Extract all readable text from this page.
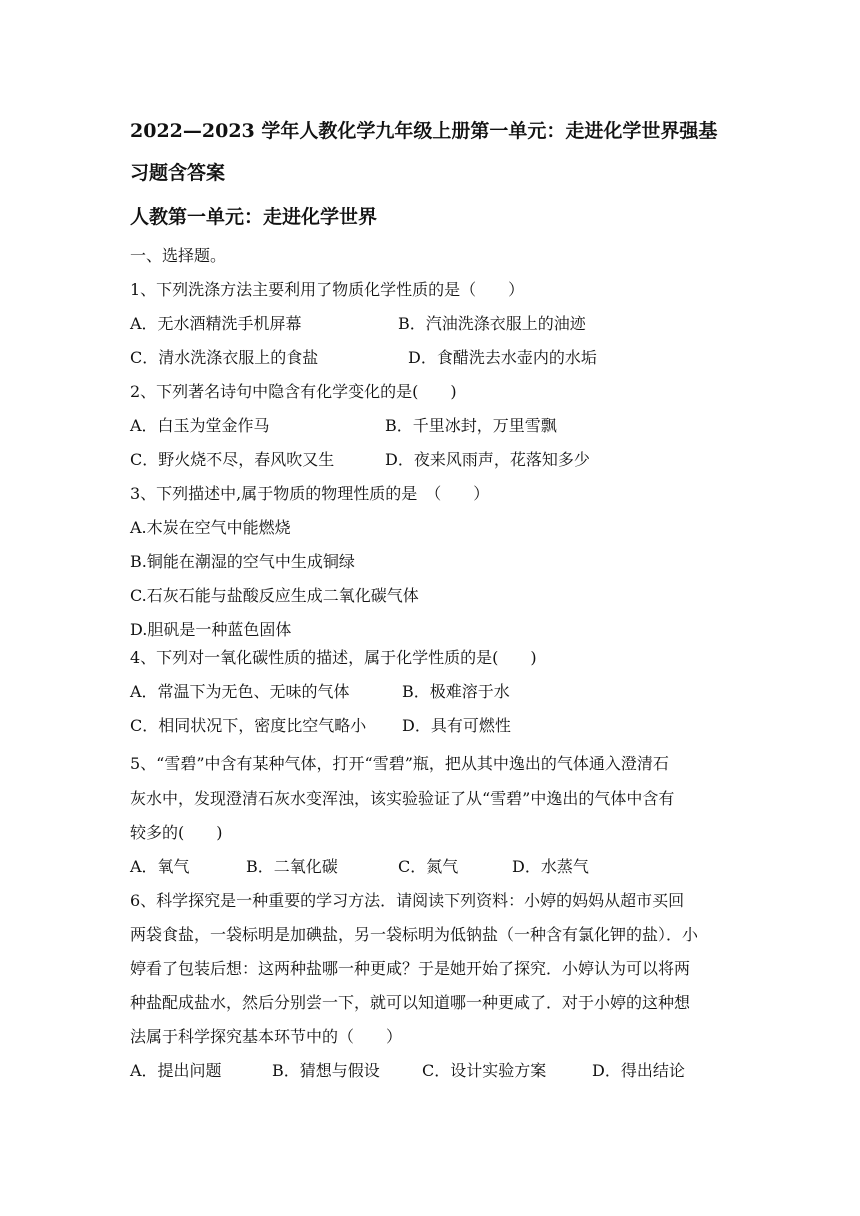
2022—2023 学年人教化学九年级上册第一单元：走进化学世界强基
习题含答案
人教第一单元：走进化学世界
一、选择题。
1、下列洗涤方法主要利用了物质化学性质的是（　　）
A．无水酒精洗手机屏幕	B．汽油洗涤衣服上的油迹
C．清水洗涤衣服上的食盐	D．食醋洗去水壶内的水垢
2、下列著名诗句中隐含有化学变化的是(　　)
A．白玉为堂金作马	B．千里冰封，万里雪飘
C．野火烧不尽，春风吹又生	D．夜来风雨声，花落知多少
3、下列描述中,属于物质的物理性质的是　（　　）
A.木炭在空气中能燃烧
B.铜能在潮湿的空气中生成铜绿
C.石灰石能与盐酸反应生成二氧化碳气体
D.胆矾是一种蓝色固体
4、下列对一氧化碳性质的描述，属于化学性质的是(　　)
A．常温下为无色、无味的气体	B．极难溶于水
C．相同状况下，密度比空气略小 D．具有可燃性
5、“雪碧”中含有某种气体，打开“雪碧”瓶，把从其中逸出的气体通入澄清石
灰水中，发现澄清石灰水变浑浊，该实验验证了从“雪碧”中逸出的气体中含有
较多的(　　)
A．氧气	B．二氧化碳	C．氮气	D．水蒸气
6、科学探究是一种重要的学习方法．请阅读下列资料：小婷的妈妈从超市买回
两袋食盐，一袋标明是加碘盐，另一袋标明为低钠盐（一种含有氯化钾的盐）．小
婷看了包装后想：这两种盐哪一种更咸？于是她开始了探究．小婷认为可以将两
种盐配成盐水，然后分别尝一下，就可以知道哪一种更咸了．对于小婷的这种想
法属于科学探究基本环节中的（　　）
A．提出问题	B．猜想与假设	C．设计实验方案	D．得出结论
